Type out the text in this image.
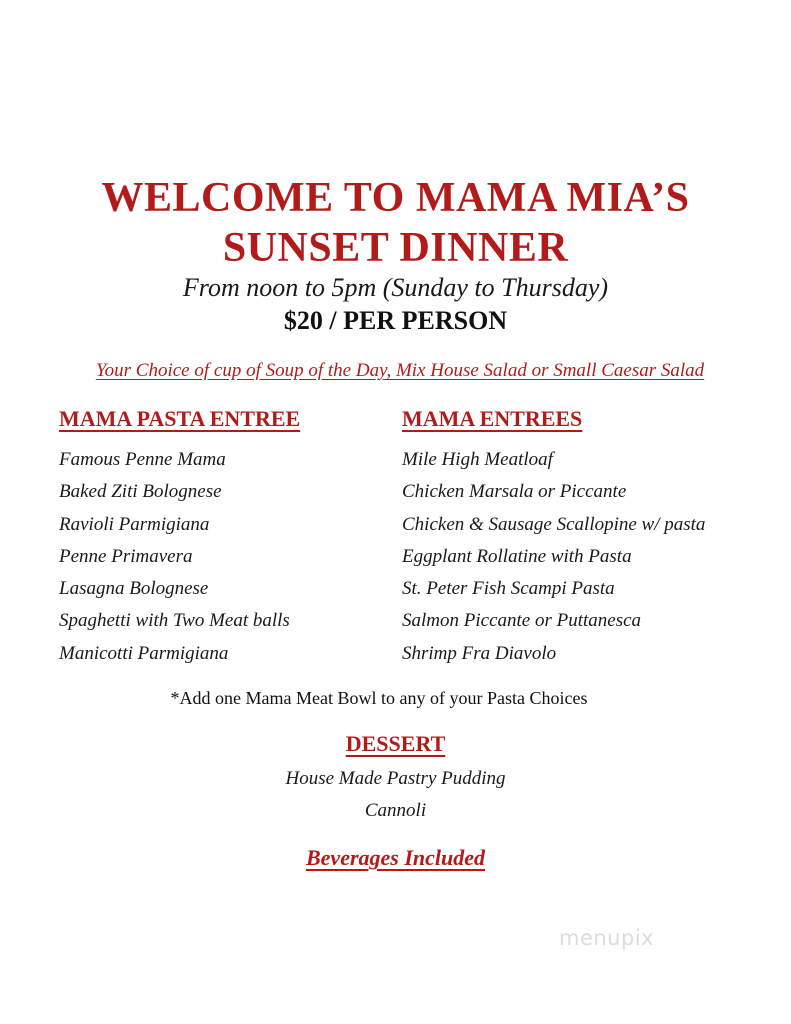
WELCOME TO MAMA MIA’S
SUNSET DINNER
From noon to 5pm (Sunday to Thursday)
$20 / PER PERSON
Your Choice of cup of Soup of the Day, Mix House Salad or Small Caesar Salad
MAMA PASTA ENTREE
Famous Penne Mama
Baked Ziti Bolognese
Ravioli Parmigiana
Penne Primavera
Lasagna Bolognese
Spaghetti with Two Meat balls
Manicotti Parmigiana
MAMA ENTREES
Mile High Meatloaf
Chicken Marsala or Piccante
Chicken & Sausage Scallopine w/ pasta
Eggplant Rollatine with Pasta
St. Peter Fish Scampi Pasta
Salmon Piccante or Puttanesca
Shrimp Fra Diavolo
*Add one Mama Meat Bowl to any of your Pasta Choices
DESSERT
House Made Pastry Pudding
Cannoli
Beverages Included
menupix
